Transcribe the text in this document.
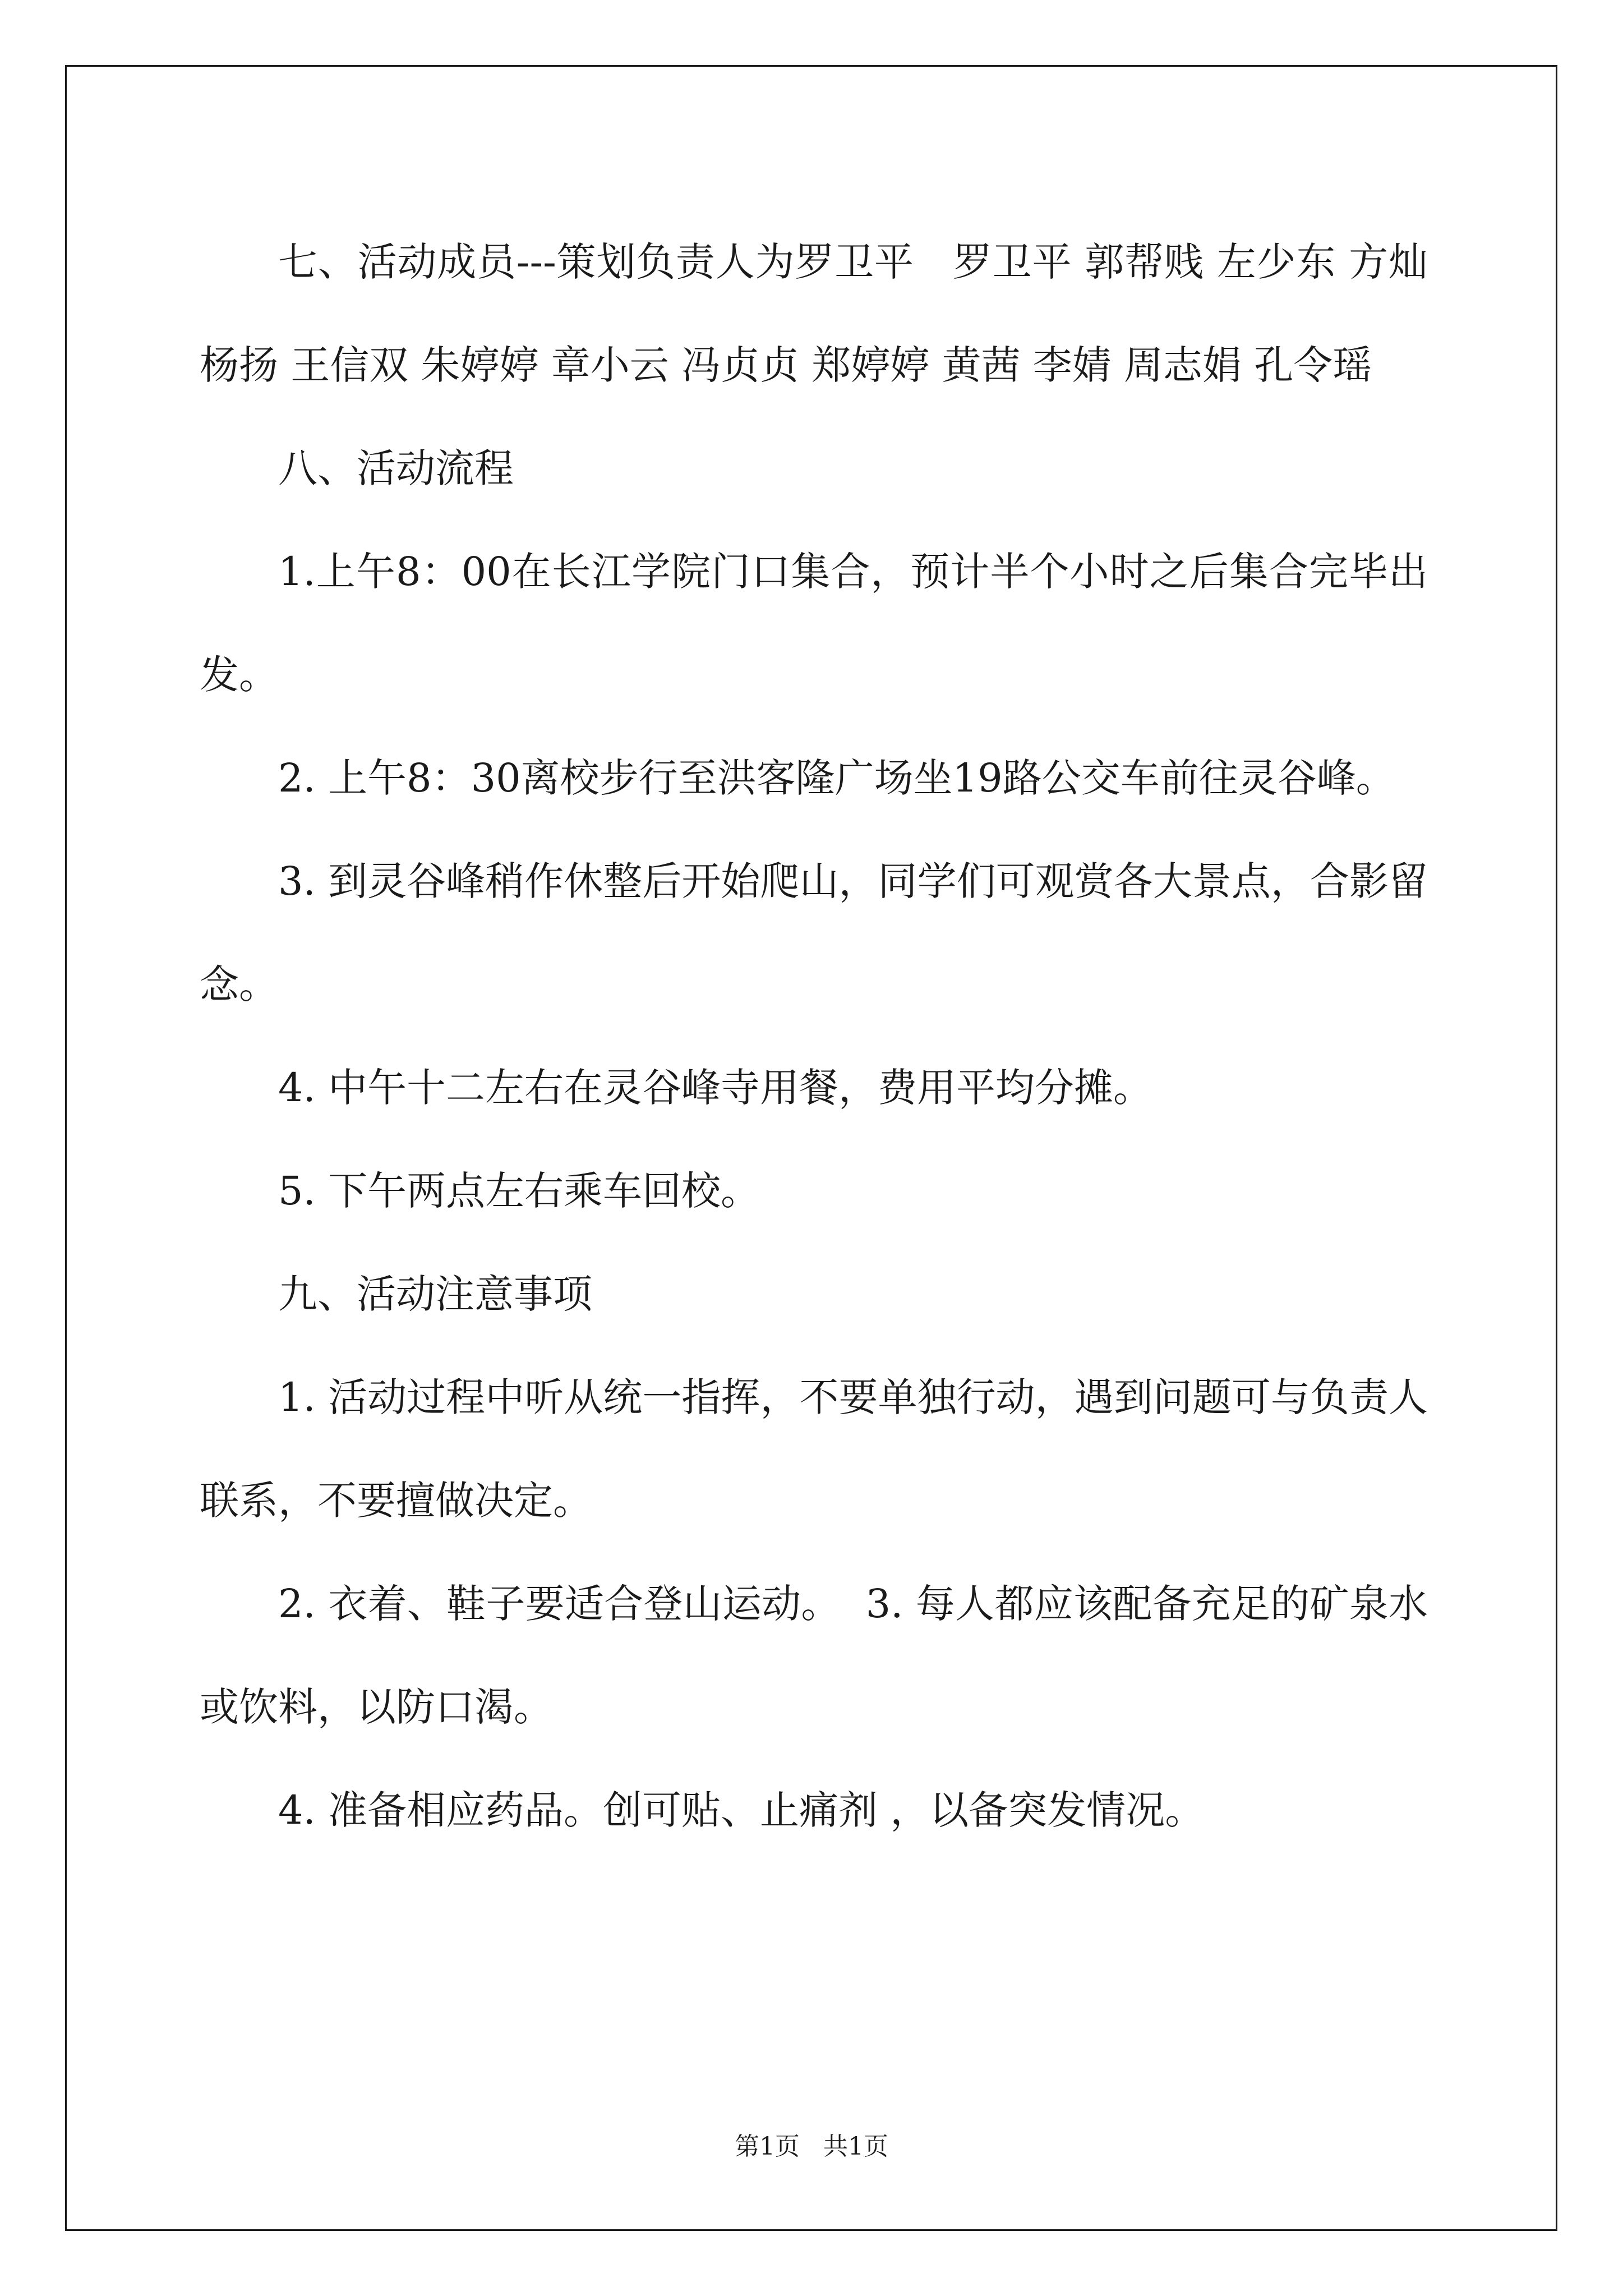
七、活动成员---策划负责人为罗卫平   罗卫平 郭帮贱 左少东 方灿 杨扬 王信双 朱婷婷 章小云 冯贞贞 郑婷婷 黄茜 李婧 周志娟 孔令瑶

八、活动流程

1.上午8：00在长江学院门口集合，预计半个小时之后集合完毕出发。

2. 上午8：30离校步行至洪客隆广场坐19路公交车前往灵谷峰。

3. 到灵谷峰稍作休整后开始爬山，同学们可观赏各大景点，合影留念。

4. 中午十二左右在灵谷峰寺用餐，费用平均分摊。

5. 下午两点左右乘车回校。

九、活动注意事项

1. 活动过程中听从统一指挥，不要单独行动，遇到问题可与负责人联系，不要擅做决定。

2. 衣着、鞋子要适合登山运动。  3. 每人都应该配备充足的矿泉水或饮料，以防口渴。

4. 准备相应药品。创可贴、止痛剂 ，以备突发情况。

第1页   共1页
